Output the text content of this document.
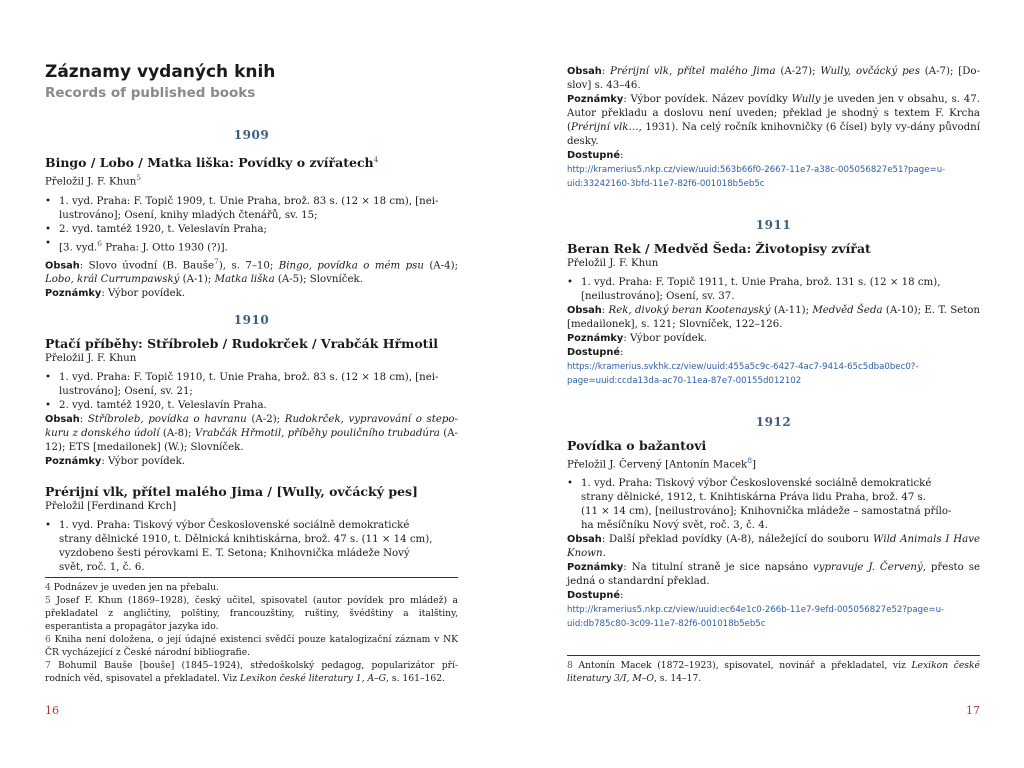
Záznamy vydaných knih
Records of published books
1909
Bingo / Lobo / Matka liška: Povídky o zvířatech$^4$
Přeložil J. F. Khun$^5$
• 1. vyd. Praha: F. Topič 1909, t. Unie Praha, brož. 83 s. (12 × 18 cm), [nei-
lustrováno]; Osení, knihy mladých čtenářů, sv. 15;
• 2. vyd. tamtéž 1920, t. Veleslavín Praha;
• [3. vyd.$^6$ Praha: J. Otto 1930 (?)].
Obsah: Slovo úvodní (B. Bauše$^7$), s. 7–10; Bingo, povídka o mém psu (A-4); Lobo, král Currumpawský (A-1); Matka liška (A-5); Slovníček.
Poznámky: Výbor povídek.
1910
Ptačí příběhy: Stříbroleb / Rudokrček / Vrabčák Hřmotil
Přeložil J. F. Khun
• 1. vyd. Praha: F. Topič 1910, t. Unie Praha, brož. 83 s. (12 × 18 cm), [nei-
lustrováno]; Osení, sv. 21;
• 2. vyd. tamtéž 1920, t. Veleslavín Praha.
Obsah: Stříbroleb, povídka o havranu (A-2); Rudokrček, vypravování o stepo- kuru z donského údolí (A-8); Vrabčák Hřmotil, příběhy pouličního trubadúra (A-12); ETS [medailonek] (W.); Slovníček.
Poznámky: Výbor povídek.
Prérijní vlk, přítel malého Jima / [Wully, ovčácký pes]
Přeložil [Ferdinand Krch]
• 1. vyd. Praha: Tiskový výbor Československé sociálně demokratické
strany dělnické 1910, t. Dělnická knihtiskárna, brož. 47 s. (11 × 14 cm),
vyzdobeno šesti pérovkami E. T. Setona; Knihovnička mládeže Nový
svět, roč. 1, č. 6.
4 Podnázev je uveden jen na přebalu.
5 Josef F. Khun (1869–1928), český učitel, spisovatel (autor povídek pro mládež) a překladatel z angličtiny, polštiny, francouzštiny, ruštiny, švédštiny a italštiny, esperantista a propagátor jazyka ido.
6 Kniha není doložena, o její údajné existenci svědčí pouze katalogizační záznam v NK ČR vycházející z České národní bibliografie.
7 Bohumil Bauše [bouše] (1845–1924), středoškolský pedagog, popularizátor pří- rodních věd, spisovatel a překladatel. Viz Lexikon české literatury 1, A–G, s. 161–162.
16
Obsah: Prérijní vlk, přítel malého Jima (A-27); Wully, ovčácký pes (A-7); [Do-slov] s. 43–46.
Poznámky: Výbor povídek. Název povídky Wully je uveden jen v obsahu, s. 47. Autor překladu a doslovu není uveden; překlad je shodný s textem F. Krcha (Prérijní vlk…, 1931). Na celý ročník knihovničky (6 čísel) byly vy-dány původní desky.
Dostupné:
http://kramerius5.nkp.cz/view/uuid:563b66f0-2667-11e7-a38c-005056827e51?page=u-
uid:33242160-3bfd-11e7-82f6-001018b5eb5c
1911
Beran Rek / Medvěd Šeda: Životopisy zvířat
Přeložil J. F. Khun
• 1. vyd. Praha: F. Topič 1911, t. Unie Praha, brož. 131 s. (12 × 18 cm),
[neilustrováno]; Osení, sv. 37.
Obsah: Rek, divoký beran Kootenayský (A-11); Medvěd Šeda (A-10); E. T. Seton [medailonek], s. 121; Slovníček, 122–126.
Poznámky: Výbor povídek.
Dostupné:
https://kramerius.svkhk.cz/view/uuid:455a5c9c-6427-4ac7-9414-65c5dba0bec0?-
page=uuid:ccda13da-ac70-11ea-87e7-00155d012102
1912
Povídka o bažantovi
Přeložil J. Červený [Antonín Macek$^8$]
• 1. vyd. Praha: Tiskový výbor Československé sociálně demokratické
strany dělnické, 1912, t. Knihtiskárna Práva lidu Praha, brož. 47 s.
(11 × 14 cm), [neilustrováno]; Knihovnička mládeže – samostatná přílo-
ha měsíčníku Nový svět, roč. 3, č. 4.
Obsah: Další překlad povídky (A-8), náležející do souboru Wild Animals I Have Known.
Poznámky: Na titulní straně je sice napsáno vypravuje J. Červený, přesto se jedná o standardní překlad.
Dostupné:
http://kramerius5.nkp.cz/view/uuid:ec64e1c0-266b-11e7-9efd-005056827e52?page=u-
uid:db785c80-3c09-11e7-82f6-001018b5eb5c
8 Antonín Macek (1872–1923), spisovatel, novinář a překladatel, viz Lexikon české literatury 3/I, M–O, s. 14–17.
17
